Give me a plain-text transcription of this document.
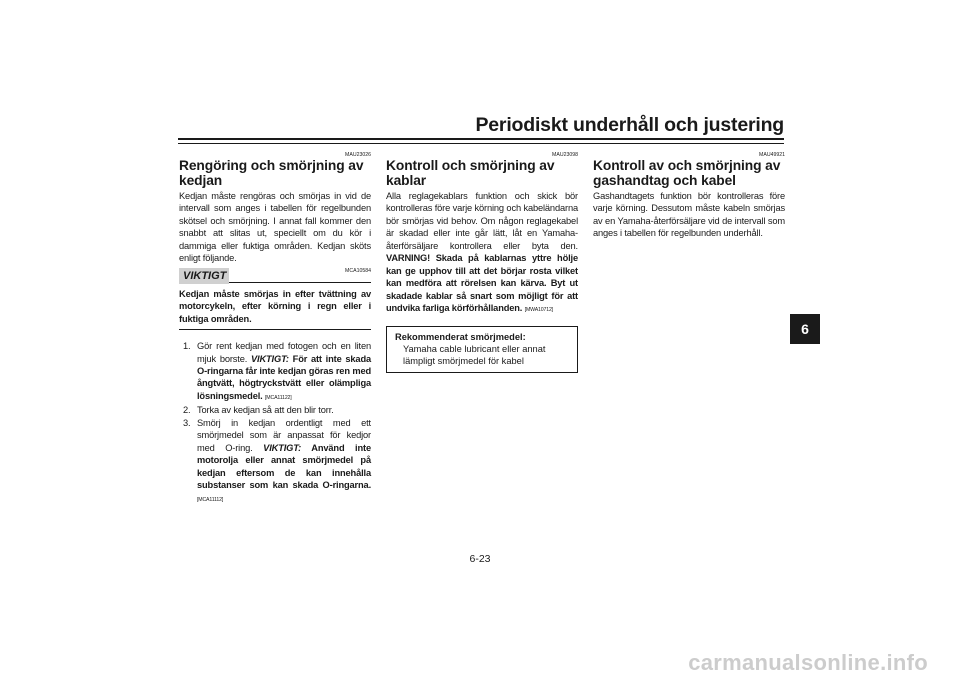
Periodiskt underhåll och justering
6
MAU23026
Rengöring och smörjning av kedjan

Kedjan måste rengöras och smörjas in vid de intervall som anges i tabellen för regelbunden skötsel och smörjning. I annat fall kommer den snabbt att slitas ut, speciellt om du kör i dammiga eller fuktiga områden. Kedjan sköts enligt följande.

VIKTIGT	MCA10584

Kedjan måste smörjas in efter tvättning av motorcykeln, efter körning i regn eller i fuktiga områden.

1. Gör rent kedjan med fotogen och en liten mjuk borste. VIKTIGT: För att inte skada O-ringarna får inte kedjan göras ren med ångtvätt, högtryckstvätt eller olämpliga lösningsmedel. [MCA11122]
2. Torka av kedjan så att den blir torr.
3. Smörj in kedjan ordentligt med ett smörjmedel som är anpassat för kedjor med O-ring. VIKTIGT: Använd inte motorolja eller annat smörjmedel på kedjan eftersom de kan innehålla substanser som kan skada O-ringarna. [MCA11112]
MAU23098
Kontroll och smörjning av kablar

Alla reglagekablars funktion och skick bör kontrolleras före varje körning och kabeländarna bör smörjas vid behov. Om någon reglagekabel är skadad eller inte går lätt, låt en Yamaha-återförsäljare kontrollera eller byta den. VARNING! Skada på kablarnas yttre hölje kan ge upphov till att det börjar rosta vilket kan medföra att rörelsen kan kärva. Byt ut skadade kablar så snart som möjligt för att undvika farliga körförhållanden. [MWA10712]

Rekommenderat smörjmedel:
Yamaha cable lubricant eller annat lämpligt smörjmedel för kabel
MAU49921
Kontroll av och smörjning av gashandtag och kabel

Gashandtagets funktion bör kontrolleras före varje körning. Dessutom måste kabeln smörjas av en Yamaha-återförsäljare vid de intervall som anges i tabellen för regelbunden underhåll.

6-23
carmanualsonline.info
